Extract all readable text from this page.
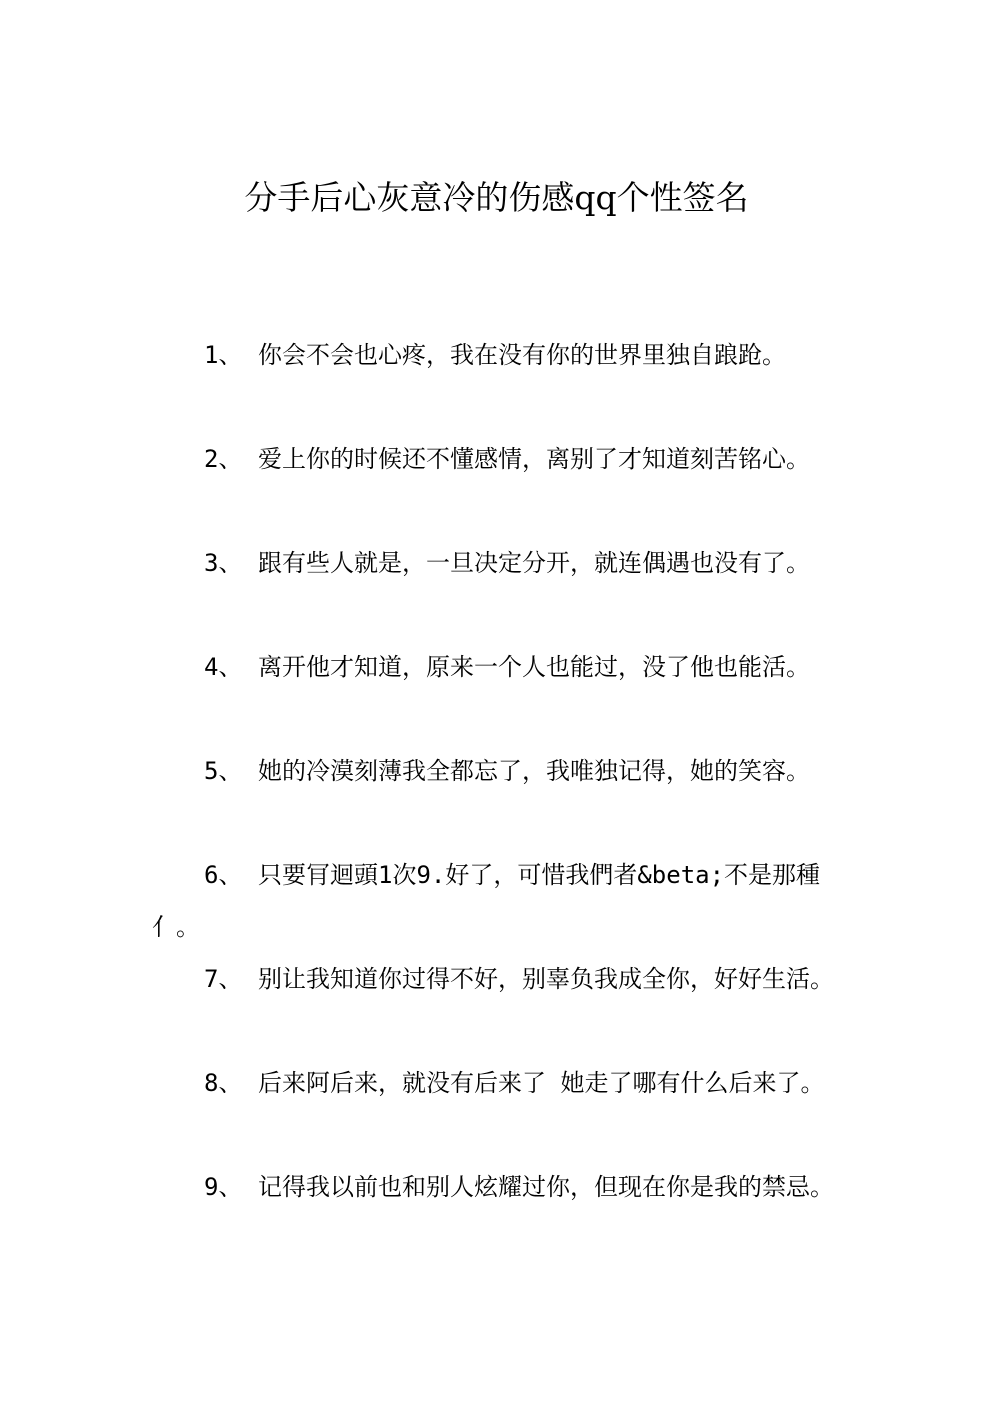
分手后心灰意冷的伤感qq个性签名

1、 你会不会也心疼，我在没有你的世界里独自踉跄。

2、 爱上你的时候还不懂感情，离别了才知道刻苦铭心。

3、 跟有些人就是，一旦决定分开，就连偶遇也没有了。

4、 离开他才知道，原来一个人也能过，没了他也能活。

5、 她的冷漠刻薄我全都忘了，我唯独记得，她的笑容。

6、 只要肎迴頭1次9.好了，可惜我們者&beta;不是那種亻。

7、 别让我知道你过得不好，别辜负我成全你，好好生活。

8、 后来阿后来，就没有后来了 她走了哪有什么后来了。

9、 记得我以前也和别人炫耀过你，但现在你是我的禁忌。
